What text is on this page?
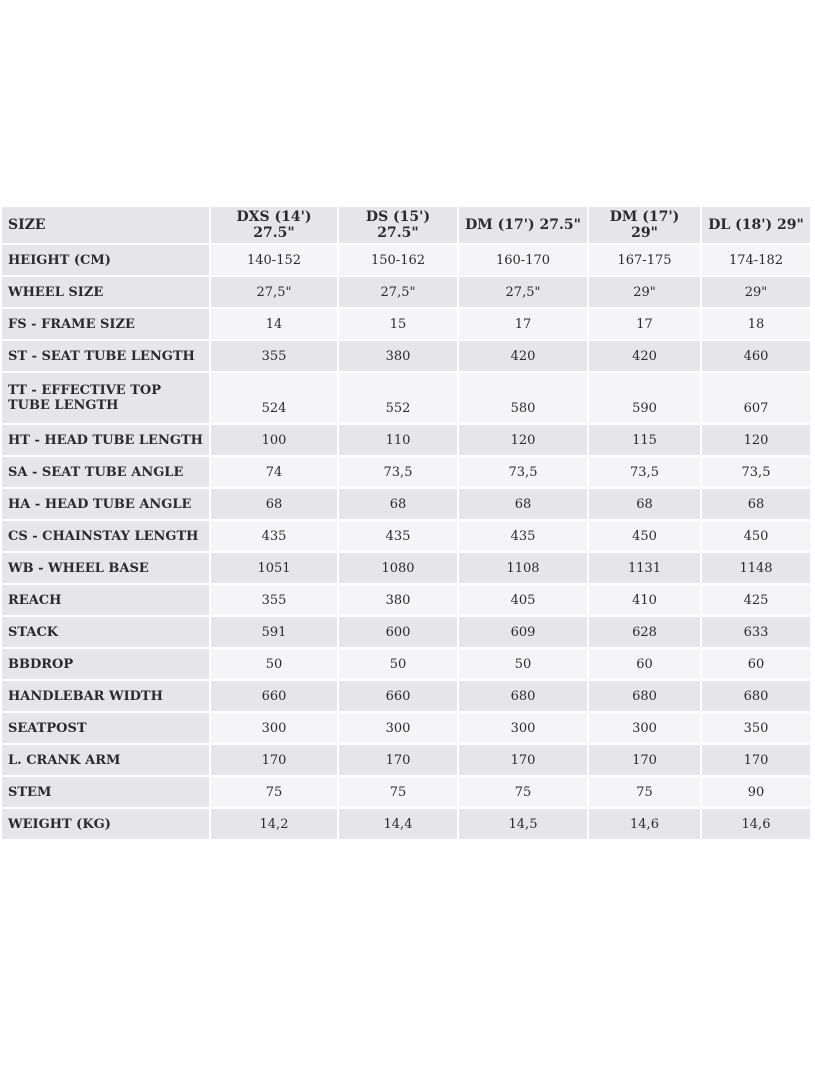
SIZE	DXS (14') 27.5"	DS (15') 27.5"	DM (17') 27.5"	DM (17') 29"	DL (18') 29"
HEIGHT (CM)	140-152	150-162	160-170	167-175	174-182
WHEEL SIZE	27,5"	27,5"	27,5"	29"	29"
FS - FRAME SIZE	14	15	17	17	18
ST - SEAT TUBE LENGTH	355	380	420	420	460
TT - EFFECTIVE TOP TUBE LENGTH	524	552	580	590	607
HT - HEAD TUBE LENGTH	100	110	120	115	120
SA - SEAT TUBE ANGLE	74	73,5	73,5	73,5	73,5
HA - HEAD TUBE ANGLE	68	68	68	68	68
CS - CHAINSTAY LENGTH	435	435	435	450	450
WB - WHEEL BASE	1051	1080	1108	1131	1148
REACH	355	380	405	410	425
STACK	591	600	609	628	633
BBDROP	50	50	50	60	60
HANDLEBAR WIDTH	660	660	680	680	680
SEATPOST	300	300	300	300	350
L. CRANK ARM	170	170	170	170	170
STEM	75	75	75	75	90
WEIGHT (KG)	14,2	14,4	14,5	14,6	14,6
